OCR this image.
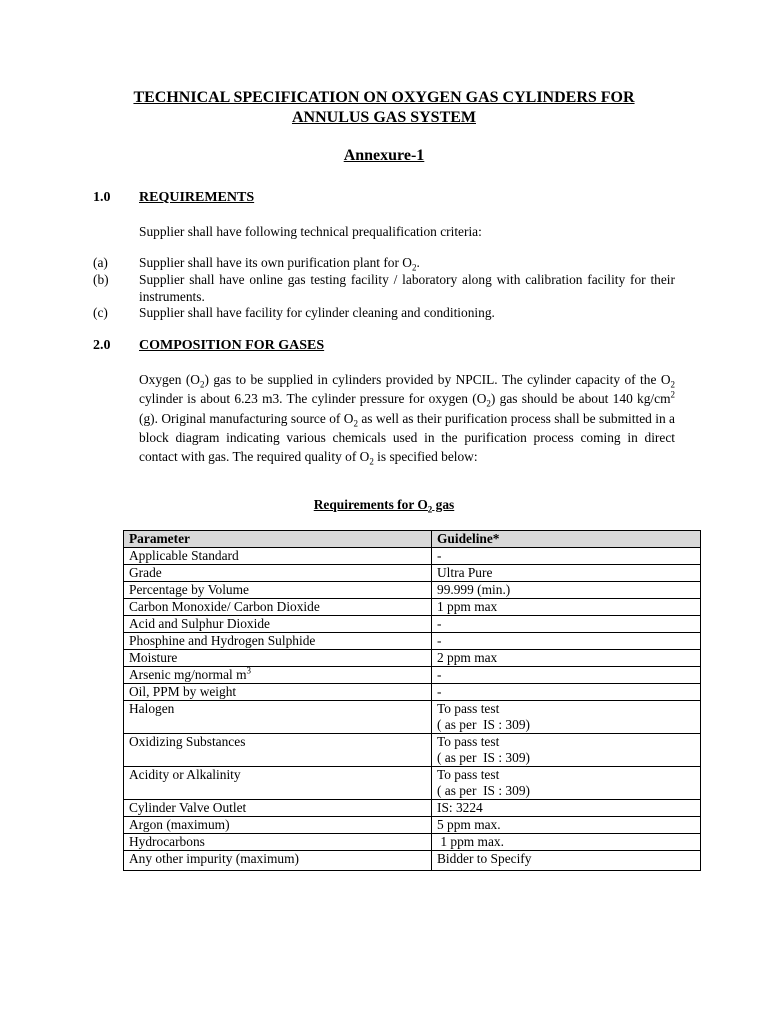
TECHNICAL SPECIFICATION ON OXYGEN GAS CYLINDERS FOR
ANNULUS GAS SYSTEM
Annexure-1
1.0 REQUIREMENTS
Supplier shall have following technical prequalification criteria:
(a) Supplier shall have its own purification plant for $O_2$.
(b) Supplier shall have online gas testing facility / laboratory along with calibration facility for their instruments.
(c) Supplier shall have facility for cylinder cleaning and conditioning.
2.0 COMPOSITION FOR GASES
Oxygen $(O_2)$ gas to be supplied in cylinders provided by NPCIL. The cylinder capacity of the $O_2$ cylinder is about 6.23 m3. The cylinder pressure for oxygen $(O_2)$ gas should be about 140 $kg/cm^2$ (g). Original manufacturing source of $O_2$ as well as their purification process shall be submitted in a block diagram indicating various chemicals used in the purification process coming in direct contact with gas. The required quality of $O_2$ is specified below:
Requirements for $O_2$ gas
Parameter	Guideline*
Applicable Standard	-

Grade	Ultra Pure

Percentage by Volume	99.999 (min.)

Carbon Monoxide/ Carbon Dioxide	1 ppm max

Acid and Sulphur Dioxide	-

Phosphine and Hydrogen Sulphide	-

Moisture	2 ppm max

Arsenic mg/normal $m^3$	-

Oil, PPM by weight	-

Halogen	To pass test
( as per  IS : 309)

Oxidizing Substances	To pass test
( as per  IS : 309)

Acidity or Alkalinity	To pass test
( as per  IS : 309)

Cylinder Valve Outlet	IS: 3224

Argon (maximum)	5 ppm max.

Hydrocarbons	1 ppm max.

Any other impurity (maximum)	Bidder to Specify
